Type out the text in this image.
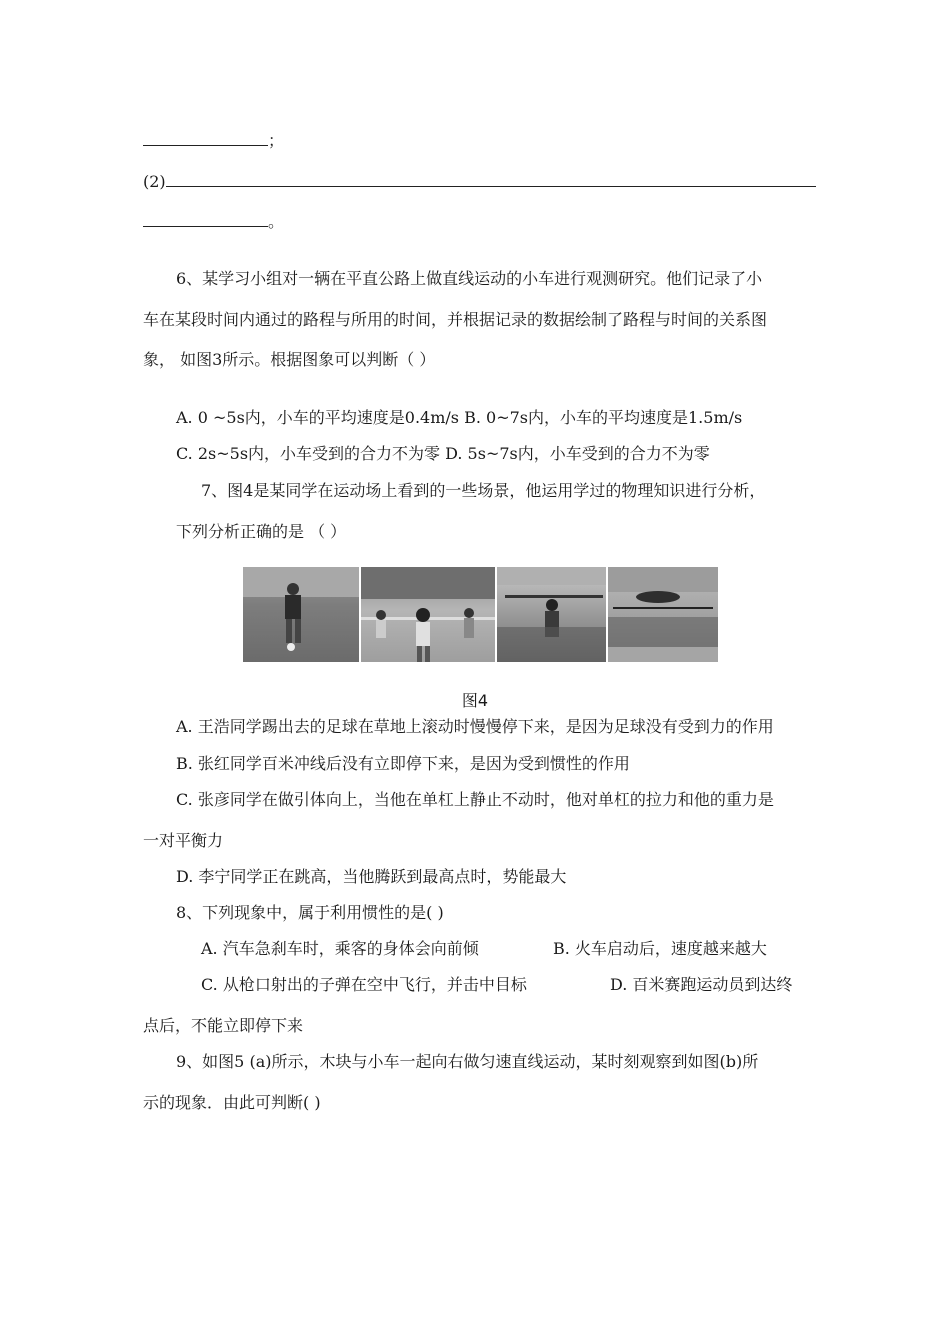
；
(2)
。
6、某学习小组对一辆在平直公路上做直线运动的小车进行观测研究。他们记录了小
车在某段时间内通过的路程与所用的时间，并根据记录的数据绘制了路程与时间的关系图
象， 如图3所示。根据图象可以判断（ ）
A. 0 ~5s内，小车的平均速度是0.4m/s B. 0~7s内，小车的平均速度是1.5m/s
C. 2s~5s内，小车受到的合力不为零 D. 5s~7s内，小车受到的合力不为零
7、图4是某同学在运动场上看到的一些场景，他运用学过的物理知识进行分析，
下列分析正确的是 （ ）
图4
A. 王浩同学踢出去的足球在草地上滚动时慢慢停下来，是因为足球没有受到力的作用
B. 张红同学百米冲线后没有立即停下来，是因为受到惯性的作用
C. 张彦同学在做引体向上，当他在单杠上静止不动时，他对单杠的拉力和他的重力是
一对平衡力
D. 李宁同学正在跳高，当他腾跃到最高点时，势能最大
8、下列现象中，属于利用惯性的是( )
A. 汽车急刹车时，乘客的身体会向前倾	B. 火车启动后，速度越来越大
C. 从枪口射出的子弹在空中飞行，并击中目标	D. 百米赛跑运动员到达终
点后，不能立即停下来
9、如图5 (a)所示，木块与小车一起向右做匀速直线运动，某时刻观察到如图(b)所
示的现象．由此可判断( )
